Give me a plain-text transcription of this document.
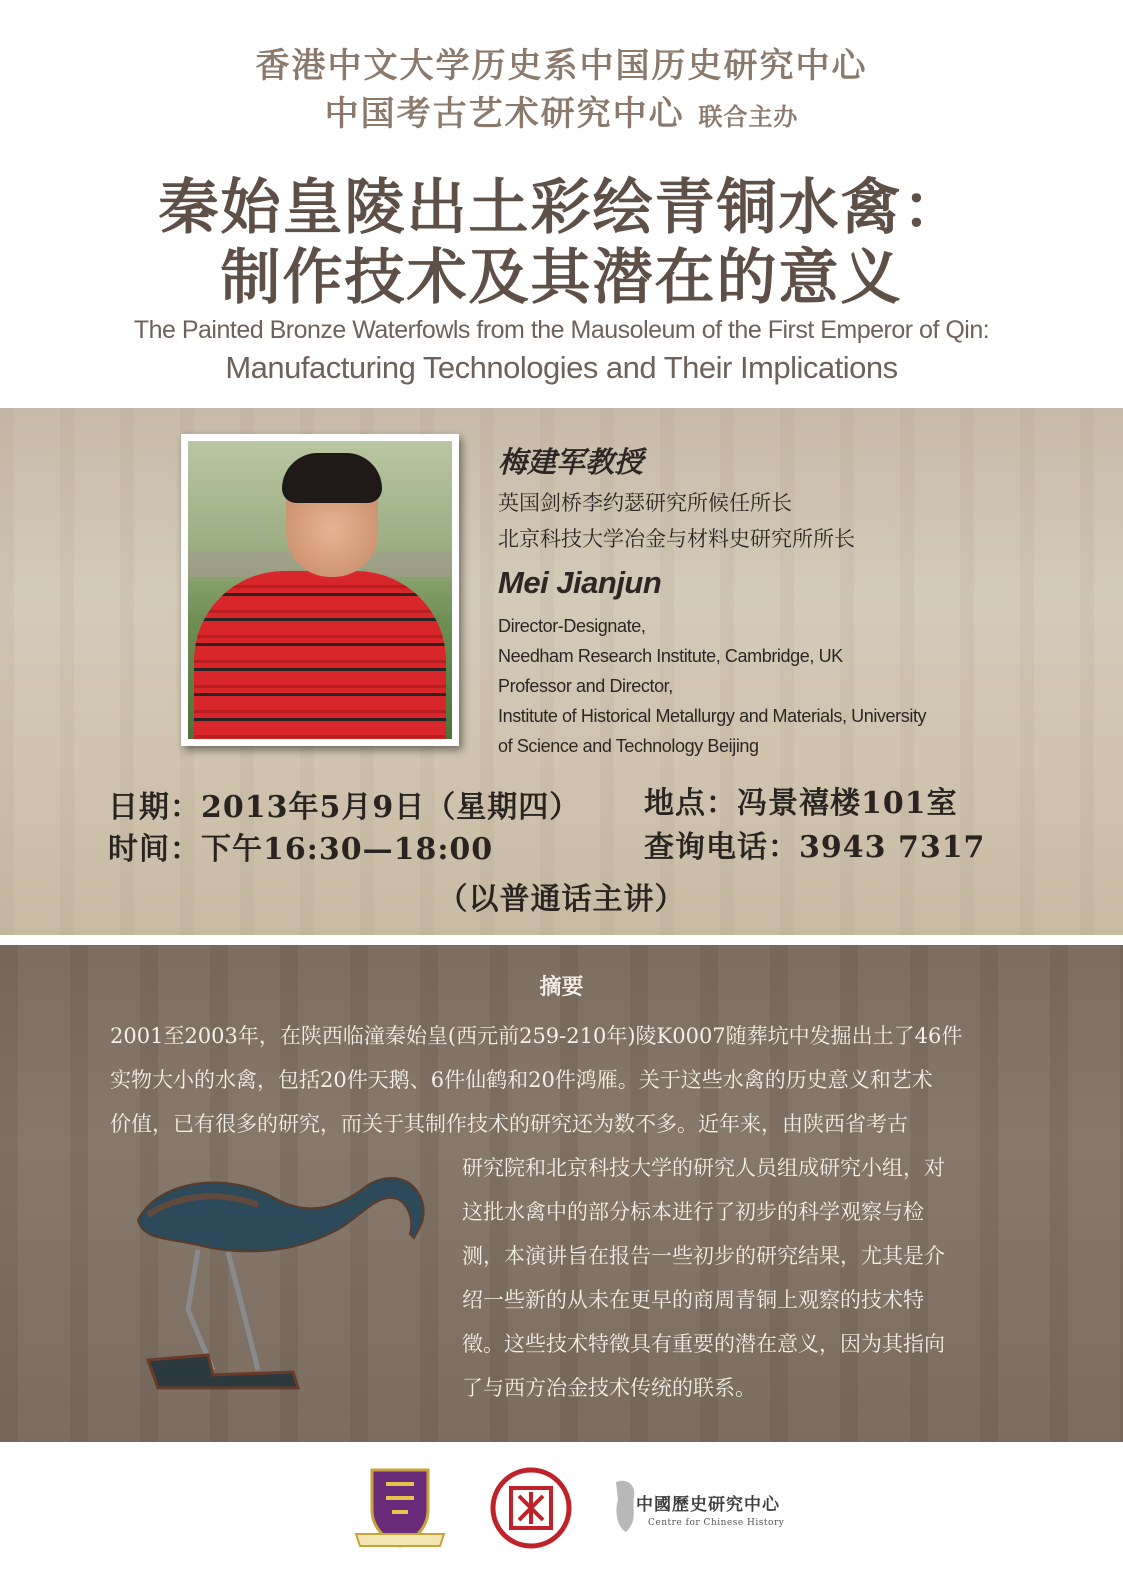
香港中文大学历史系中国历史研究中心
中国考古艺术研究中心 联合主办
秦始皇陵出土彩绘青铜水禽：
制作技术及其潜在的意义
The Painted Bronze Waterfowls from the Mausoleum of the First Emperor of Qin:
Manufacturing Technologies and Their Implications
梅建军教授
英国剑桥李约瑟研究所候任所长
北京科技大学冶金与材料史研究所所长
Mei Jianjun
Director-Designate,
Needham Research Institute, Cambridge, UK
Professor and Director,
Institute of Historical Metallurgy and Materials, University
of Science and Technology Beijing
日期：2013年5月9日（星期四）
时间：下午16:30—18:00
地点：冯景禧楼101室
查询电话：3943 7317
（以普通话主讲）
摘要
2001至2003年，在陕西临潼秦始皇(西元前259-210年)陵K0007随葬坑中发掘出土了46件
实物大小的水禽，包括20件天鹅、6件仙鹤和20件鸿雁。关于这些水禽的历史意义和艺术
价值，已有很多的研究，而关于其制作技术的研究还为数不多。近年来，由陕西省考古
研究院和北京科技大学的研究人员组成研究小组，对
这批水禽中的部分标本进行了初步的科学观察与检
测，本演讲旨在报告一些初步的研究结果，尤其是介
绍一些新的从未在更早的商周青铜上观察的技术特
徵。这些技术特徵具有重要的潜在意义，因为其指向
了与西方冶金技术传统的联系。
中國歷史研究中心
Centre for Chinese History
